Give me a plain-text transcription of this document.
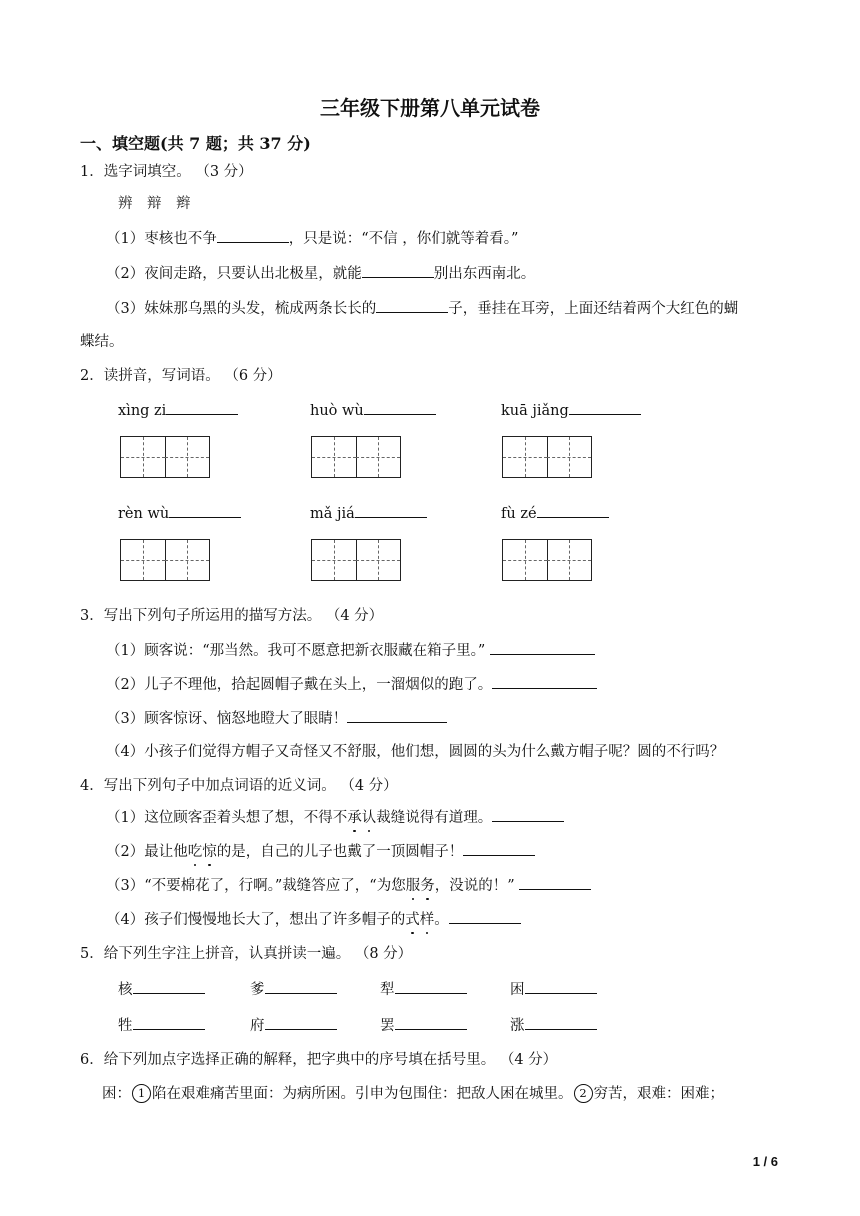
三年级下册第八单元试卷
一、填空题(共 7 题；共 37 分)
1．选字词填空。 （3 分）
辨　辩　辫
（1）枣核也不争	，只是说：“不信 ，你们就等着看。”
（2）夜间走路，只要认出北极星，就能	别出东西南北。
（3）妹妹那乌黑的头发，梳成两条长长的	子，垂挂在耳旁，上面还结着两个大红色的蝴
蝶结。
2．读拼音，写词语。 （6 分）
xìng zi	huò wù	kuā jiǎng
rèn wù	mǎ jiá	fù zé
3．写出下列句子所运用的描写方法。 （4 分）
（1）顾客说：“那当然。我可不愿意把新衣服藏在箱子里。”
（2）儿子不理他，拾起圆帽子戴在头上，一溜烟似的跑了。
（3）顾客惊讶、恼怒地瞪大了眼睛！
（4）小孩子们觉得方帽子又奇怪又不舒服，他们想，圆圆的头为什么戴方帽子呢？圆的不行吗？
4．写出下列句子中加点词语的近义词。 （4 分）
（1）这位顾客歪着头想了想，不得不承认裁缝说得有道理。
（2）最让他吃惊的是，自己的儿子也戴了一顶圆帽子！
（3）“不要棉花了，行啊。”裁缝答应了，“为您服务，没说的！”
（4）孩子们慢慢地长大了，想出了许多帽子的式样。
5．给下列生字注上拼音，认真拼读一遍。 （8 分）
核	爹	犁	困
牲	府	罢	涨
6．给下列加点字选择正确的解释，把字典中的序号填在括号里。 （4 分）
困： 1 陷在艰难痛苦里面：为病所困。引申为包围住：把敌人困在城里。 2 穷苦，艰难：困难；
1 / 6
